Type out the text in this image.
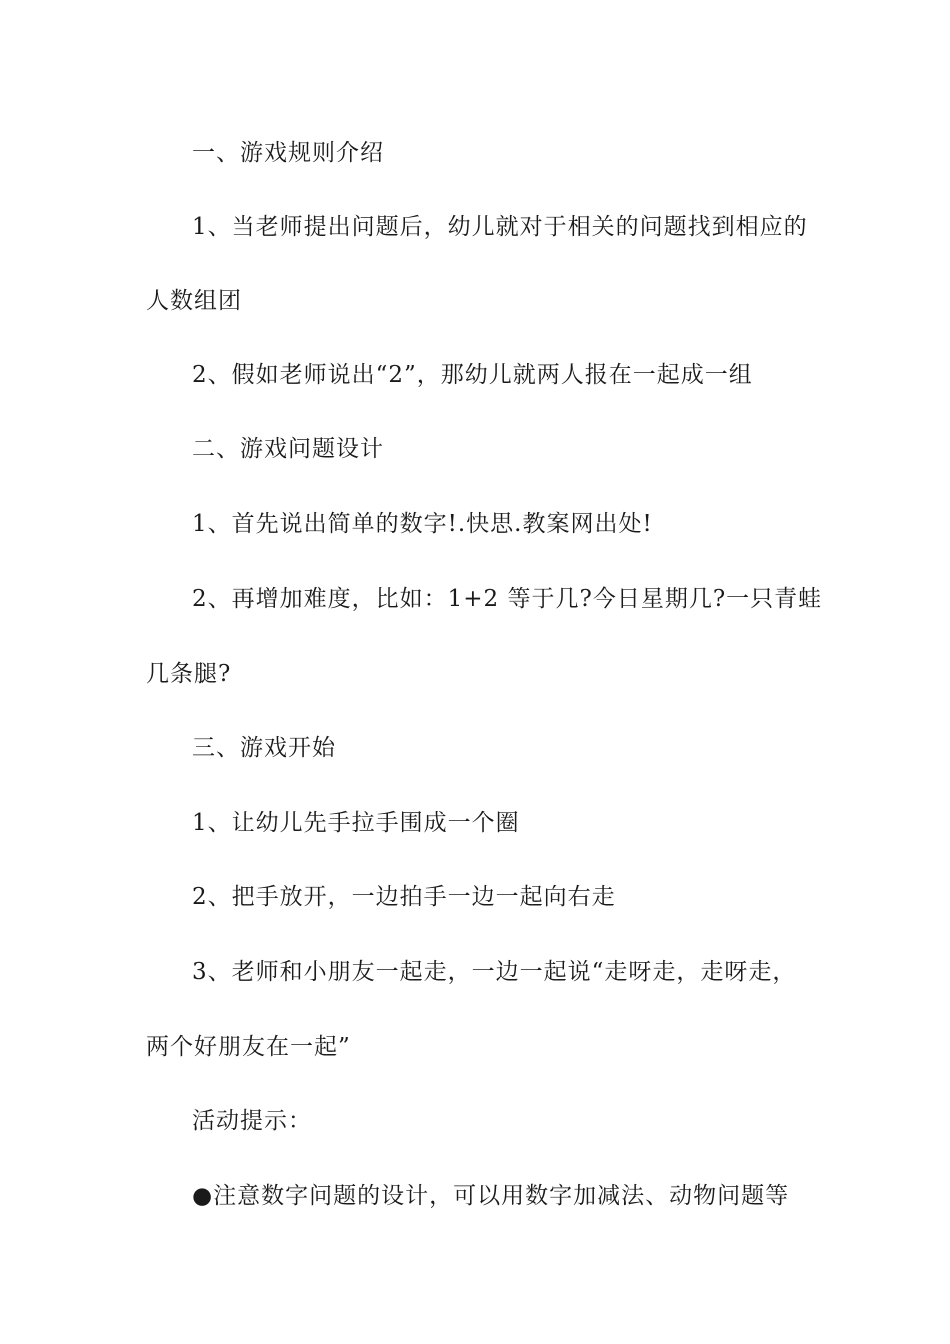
一、游戏规则介绍
1、当老师提出问题后，幼儿就对于相关的问题找到相应的
人数组团
2、假如老师说出“2”，那幼儿就两人报在一起成一组
二、游戏问题设计
1、首先说出简单的数字!.快思.教案网出处!
2、再增加难度，比如：1+2 等于几?今日星期几?一只青蛙
几条腿?
三、游戏开始
1、让幼儿先手拉手围成一个圈
2、把手放开，一边拍手一边一起向右走
3、老师和小朋友一起走，一边一起说“走呀走，走呀走，
两个好朋友在一起”
活动提示：
●注意数字问题的设计，可以用数字加减法、动物问题等
